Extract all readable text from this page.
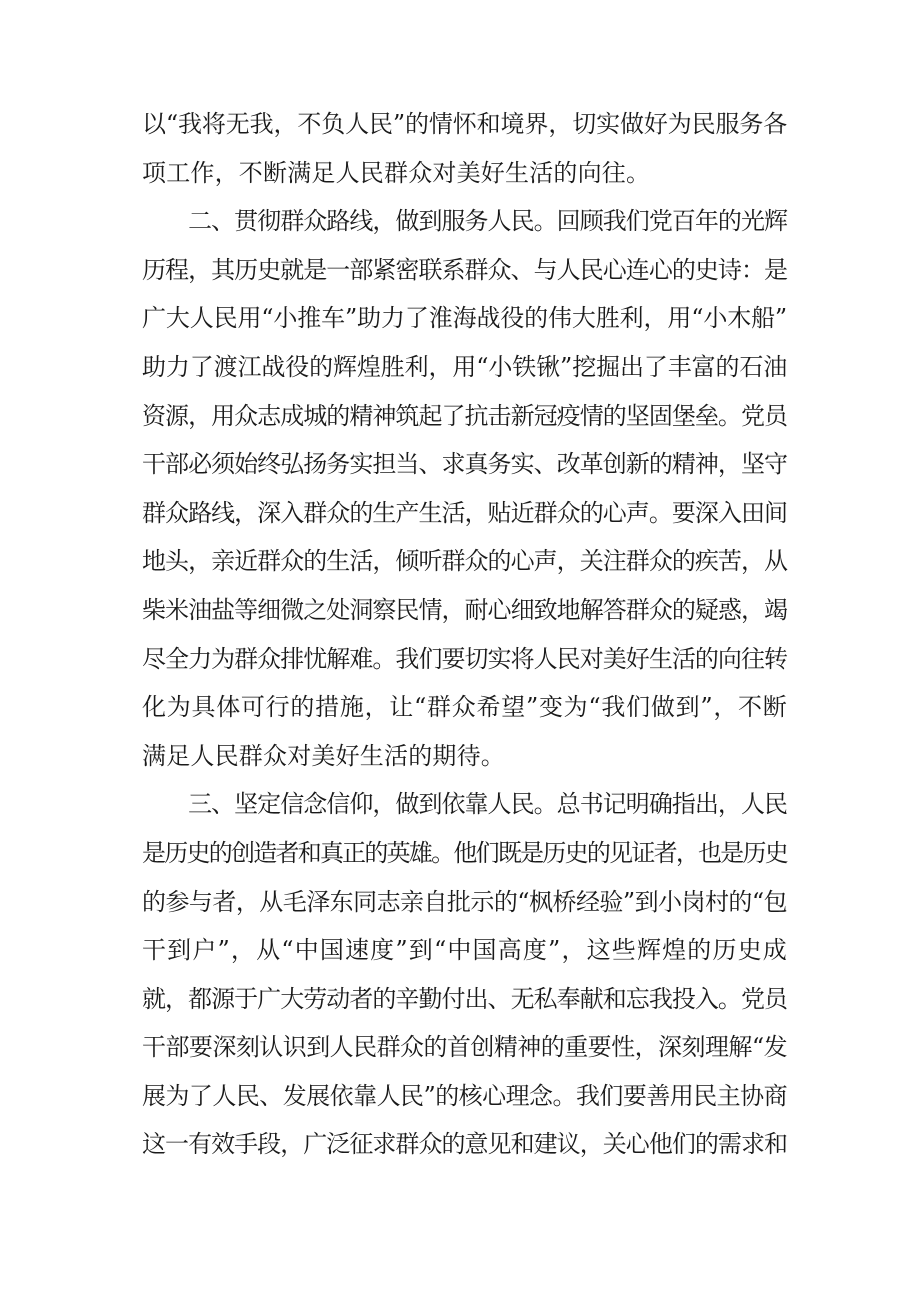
以“我将无我，不负人民”的情怀和境界，切实做好为民服务各
项工作，不断满足人民群众对美好生活的向往。
　　二、贯彻群众路线，做到服务人民。回顾我们党百年的光辉
历程，其历史就是一部紧密联系群众、与人民心连心的史诗：是
广大人民用“小推车”助力了淮海战役的伟大胜利，用“小木船”
助力了渡江战役的辉煌胜利，用“小铁锹”挖掘出了丰富的石油
资源，用众志成城的精神筑起了抗击新冠疫情的坚固堡垒。党员
干部必须始终弘扬务实担当、求真务实、改革创新的精神，坚守
群众路线，深入群众的生产生活，贴近群众的心声。要深入田间
地头，亲近群众的生活，倾听群众的心声，关注群众的疾苦，从
柴米油盐等细微之处洞察民情，耐心细致地解答群众的疑惑，竭
尽全力为群众排忧解难。我们要切实将人民对美好生活的向往转
化为具体可行的措施，让“群众希望”变为“我们做到”，不断
满足人民群众对美好生活的期待。
　　三、坚定信念信仰，做到依靠人民。总书记明确指出，人民
是历史的创造者和真正的英雄。他们既是历史的见证者，也是历史
的参与者，从毛泽东同志亲自批示的“枫桥经验”到小岗村的“包
干到户”，从“中国速度”到“中国高度”，这些辉煌的历史成
就，都源于广大劳动者的辛勤付出、无私奉献和忘我投入。党员
干部要深刻认识到人民群众的首创精神的重要性，深刻理解“发
展为了人民、发展依靠人民”的核心理念。我们要善用民主协商
这一有效手段，广泛征求群众的意见和建议，关心他们的需求和
